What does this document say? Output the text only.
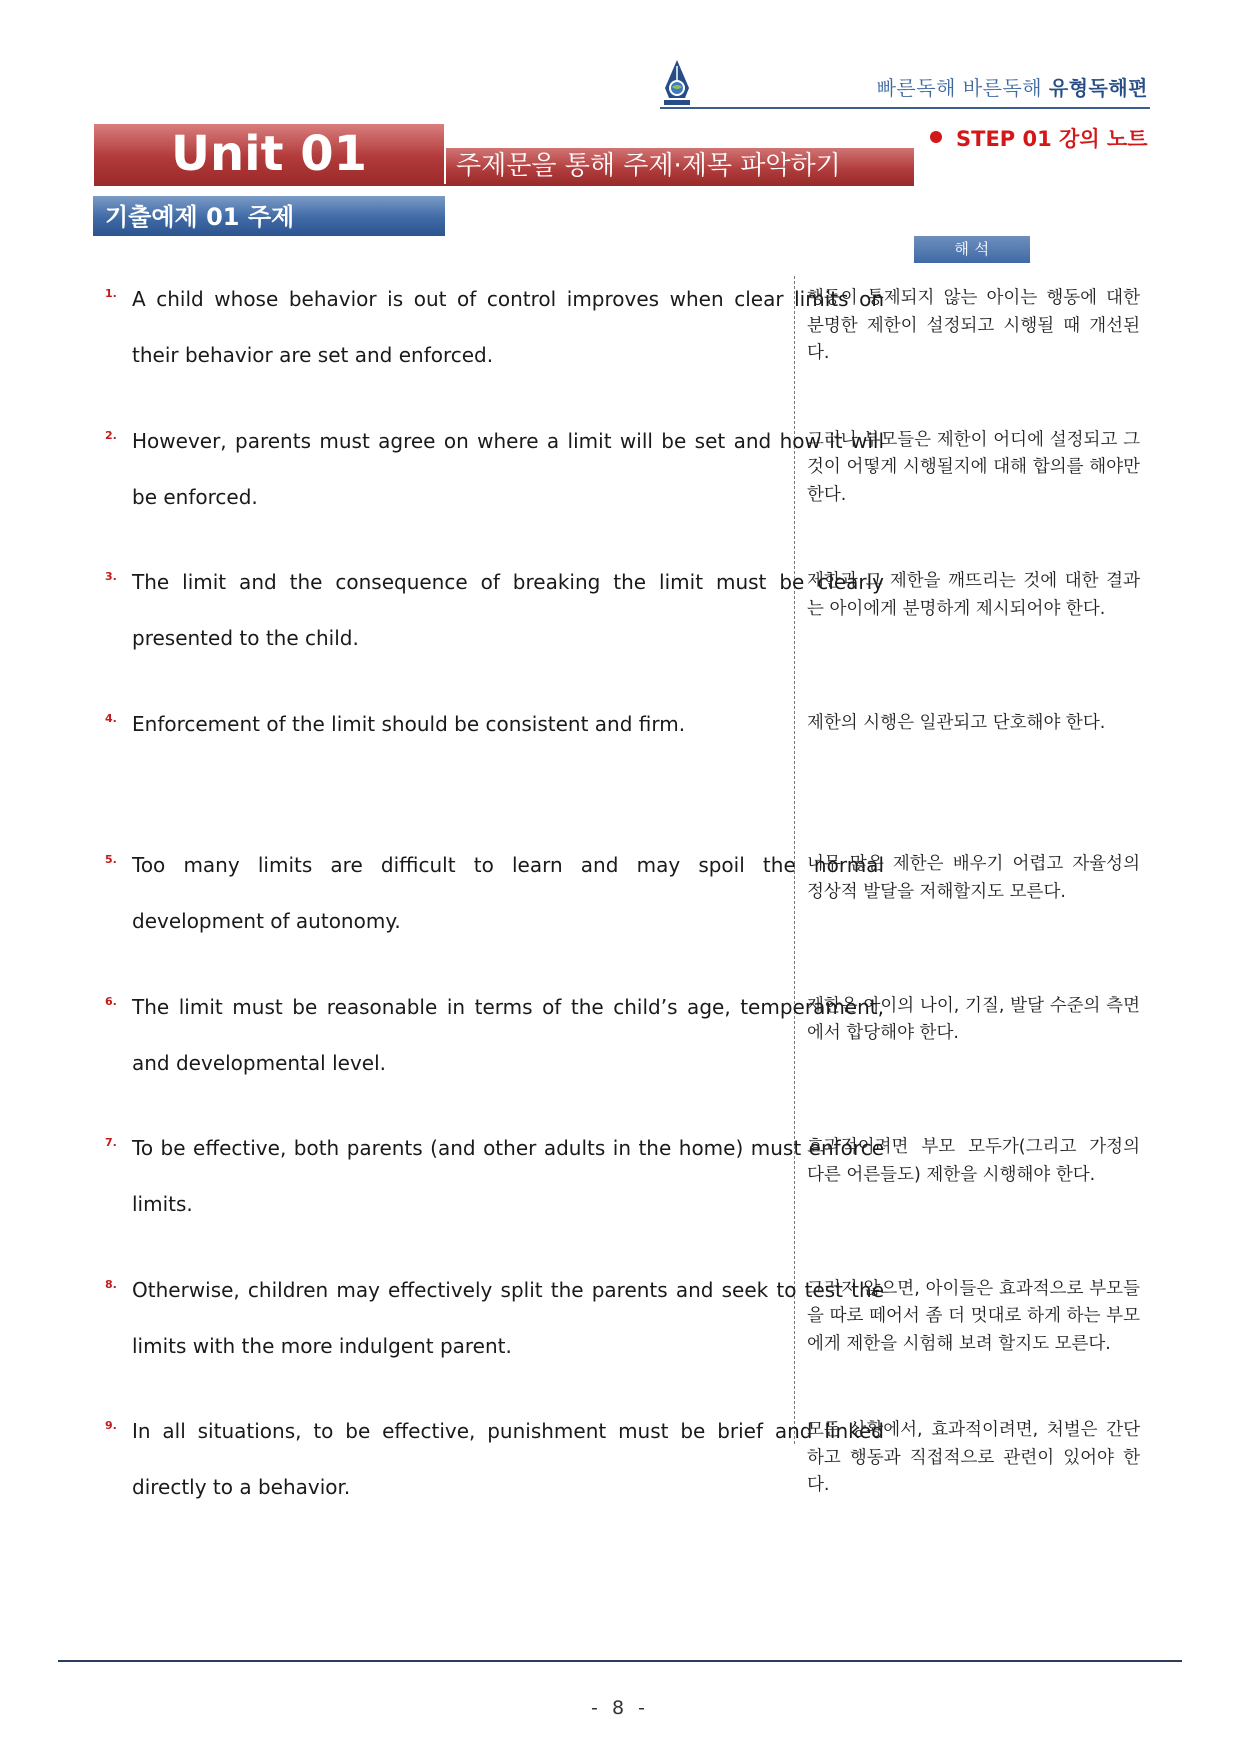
빠른독해 바른독해 유형독해편
Unit 01	주제문을 통해 주제·제목 파악하기
STEP 01 강의 노트
기출예제 01 주제
해 석
1. A child whose behavior is out of control improves when clear limits on their behavior are set and enforced.
행동이 통제되지 않는 아이는 행동에 대한 분명한 제한이 설정되고 시행될 때 개선된다.
2. However, parents must agree on where a limit will be set and how it will be enforced.
그러나 부모들은 제한이 어디에 설정되고 그것이 어떻게 시행될지에 대해 합의를 해야만 한다.
3. The limit and the consequence of breaking the limit must be clearly presented to the child.
제한과 그 제한을 깨뜨리는 것에 대한 결과는 아이에게 분명하게 제시되어야 한다.
4. Enforcement of the limit should be consistent and firm.	제한의 시행은 일관되고 단호해야 한다.
5. Too many limits are difficult to learn and may spoil the normal development of autonomy.
너무 많은 제한은 배우기 어렵고 자율성의 정상적 발달을 저해할지도 모른다.
6. The limit must be reasonable in terms of the child’s age, temperament, and developmental level.
제한은 아이의 나이, 기질, 발달 수준의 측면에서 합당해야 한다.
7. To be effective, both parents (and other adults in the home) must enforce limits.
효과적이려면 부모 모두가(그리고 가정의 다른 어른들도) 제한을 시행해야 한다.
8. Otherwise, children may effectively split the parents and seek to test the limits with the more indulgent parent.
그러지 않으면, 아이들은 효과적으로 부모들을 따로 떼어서 좀 더 멋대로 하게 하는 부모에게 제한을 시험해 보려 할지도 모른다.
9. In all situations, to be effective, punishment must be brief and linked directly to a behavior.
모든 상황에서, 효과적이려면, 처벌은 간단하고 행동과 직접적으로 관련이 있어야 한다.
- 8 -
